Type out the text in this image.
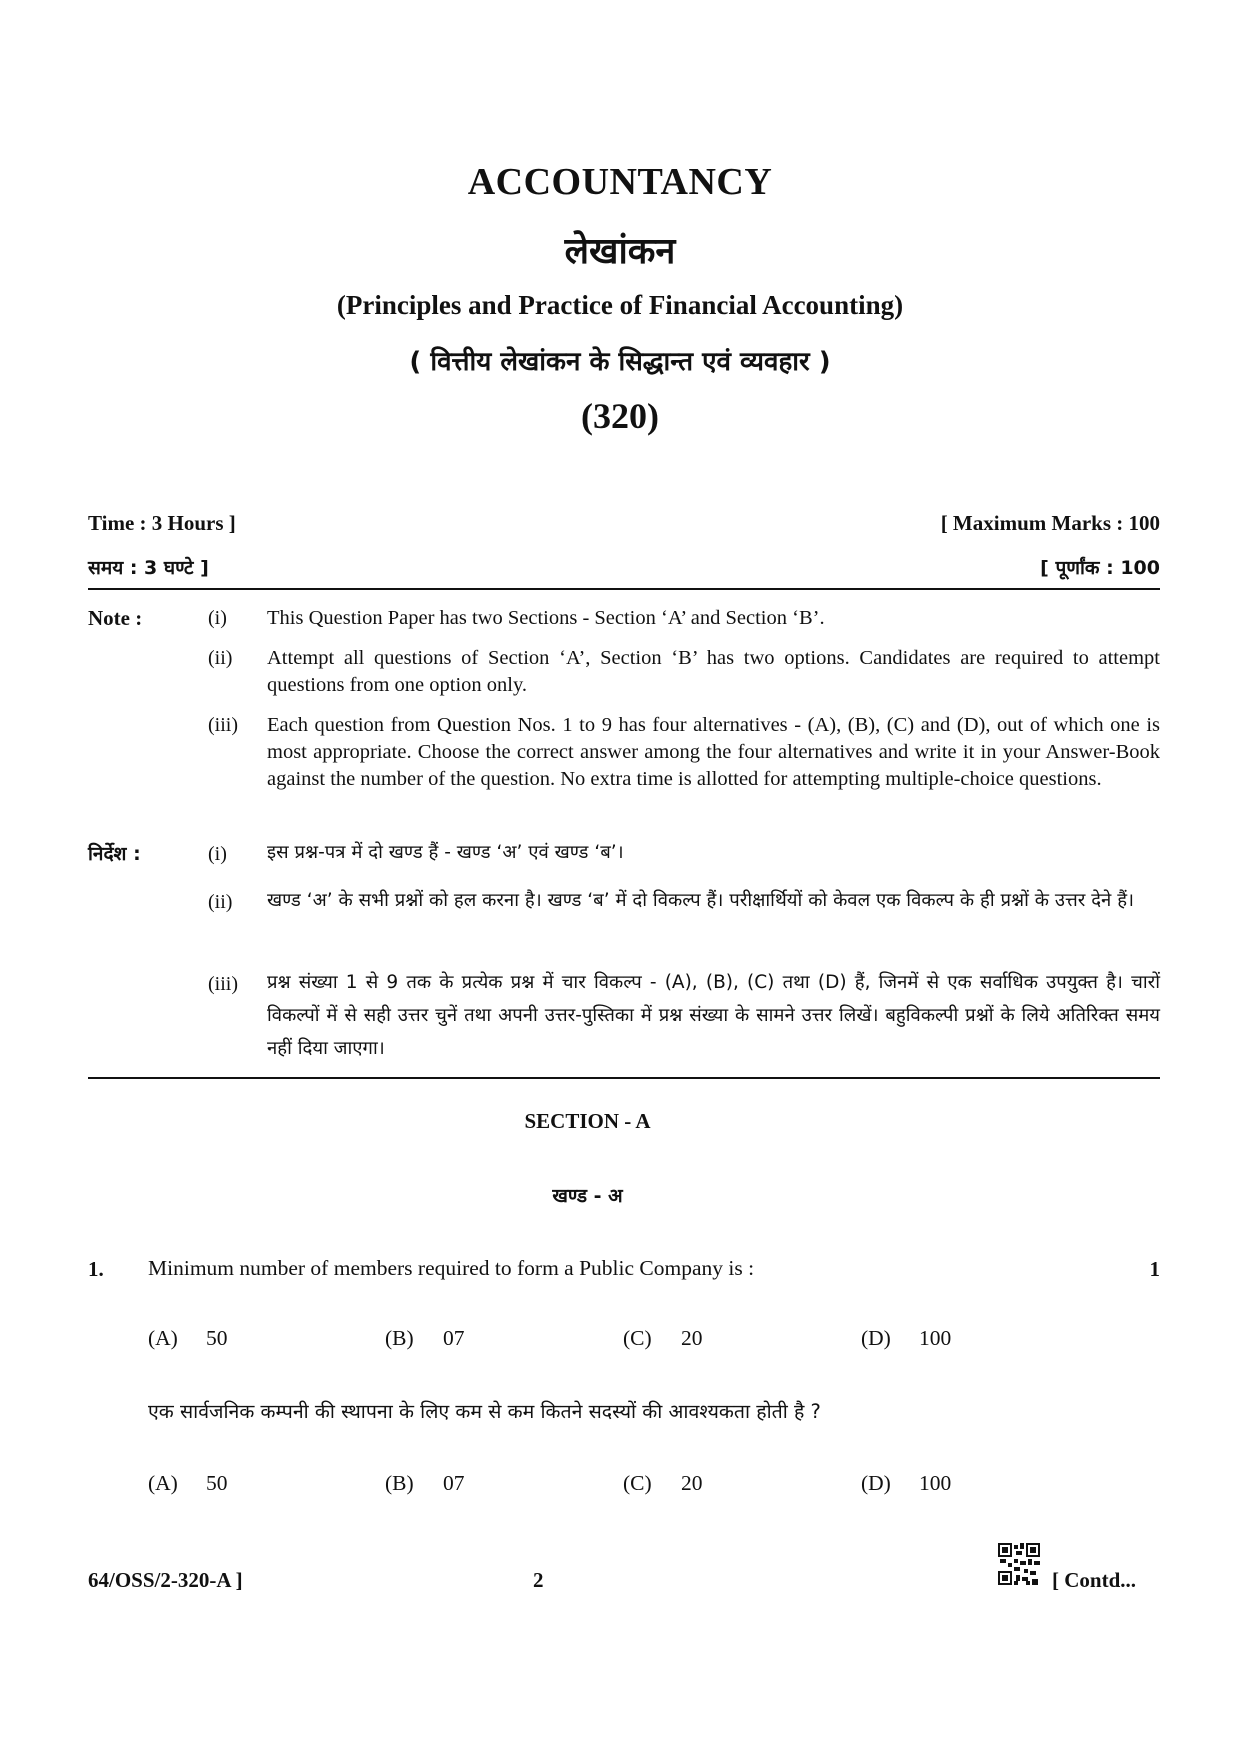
ACCOUNTANCY
लेखांकन
(Principles and Practice of Financial Accounting)
( वित्तीय लेखांकन के सिद्धान्त एवं व्यवहार )
(320)
Time : 3 Hours ]	[ Maximum Marks : 100
समय : 3 घण्टे ]	[ पूर्णांक : 100
Note :	(i) This Question Paper has two Sections - Section ‘A’ and Section ‘B’.
(ii) Attempt all questions of Section ‘A’, Section ‘B’ has two options. Candidates are required to attempt questions from one option only.
(iii) Each question from Question Nos. 1 to 9 has four alternatives - (A), (B), (C) and (D), out of which one is most appropriate. Choose the correct answer among the four alternatives and write it in your Answer-Book against the number of the question. No extra time is allotted for attempting multiple-choice questions.
निर्देश :	(i) इस प्रश्न-पत्र में दो खण्ड हैं - खण्ड ‘अ’ एवं खण्ड ‘ब’।
(ii) खण्ड ‘अ’ के सभी प्रश्नों को हल करना है। खण्ड ‘ब’ में दो विकल्प हैं। परीक्षार्थियों को केवल एक विकल्प के ही प्रश्नों के उत्तर देने हैं।
(iii) प्रश्न संख्या 1 से 9 तक के प्रत्येक प्रश्न में चार विकल्प - (A), (B), (C) तथा (D) हैं, जिनमें से एक सर्वाधिक उपयुक्त है। चारों विकल्पों में से सही उत्तर चुनें तथा अपनी उत्तर-पुस्तिका में प्रश्न संख्या के सामने उत्तर लिखें। बहुविकल्पी प्रश्नों के लिये अतिरिक्त समय नहीं दिया जाएगा।
SECTION - A
खण्ड - अ
1. Minimum number of members required to form a Public Company is :	1
(A) 50	(B) 07	(C) 20	(D) 100
एक सार्वजनिक कम्पनी की स्थापना के लिए कम से कम कितने सदस्यों की आवश्यकता होती है ?
(A) 50	(B) 07	(C) 20	(D) 100
64/OSS/2-320-A ]	2	[ Contd...
